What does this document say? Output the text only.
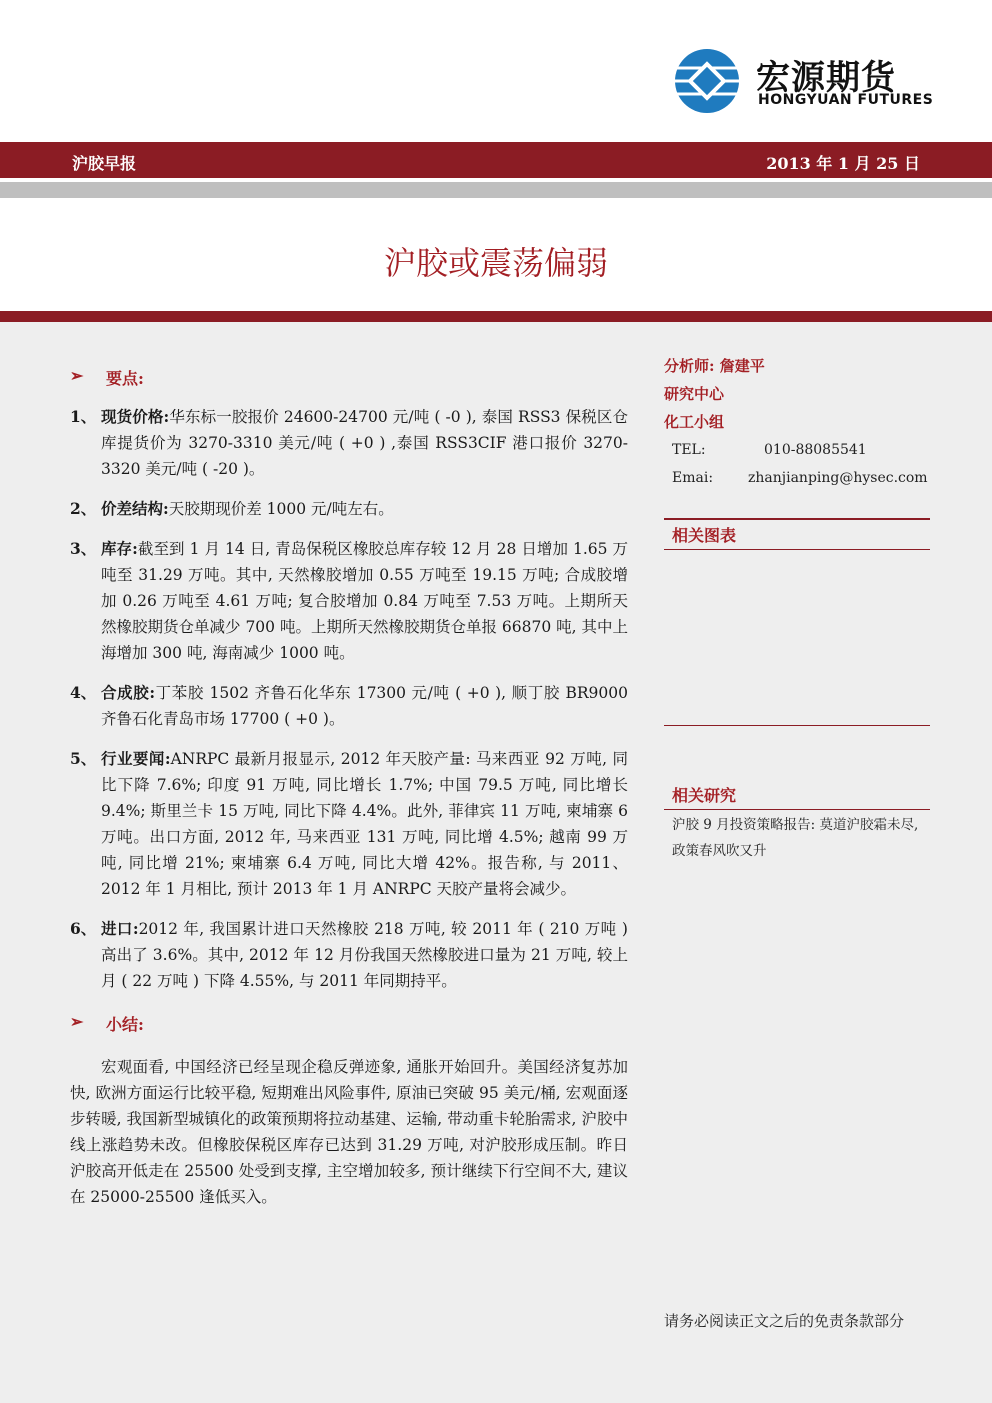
宏源期货
HONGYUAN FUTURES
沪胶早报	2013 年 1 月 25 日
沪胶或震荡偏弱
➢ 要点:
1、 现货价格:华东标一胶报价 24600-24700 元/吨 ( -0 ), 泰国 RSS3 保税区仓库提货价为 3270-3310 美元/吨 ( +0 ) ,泰国 RSS3CIF 港口报价 3270-3320 美元/吨 ( -20 )。
2、 价差结构:天胶期现价差 1000 元/吨左右。
3、 库存:截至到 1 月 14 日, 青岛保税区橡胶总库存较 12 月 28 日增加 1.65 万吨至 31.29 万吨。其中, 天然橡胶增加 0.55 万吨至 19.15 万吨; 合成胶增加 0.26 万吨至 4.61 万吨; 复合胶增加 0.84 万吨至 7.53 万吨。上期所天然橡胶期货仓单减少 700 吨。上期所天然橡胶期货仓单报 66870 吨, 其中上海增加 300 吨, 海南减少 1000 吨。
4、 合成胶:丁苯胶 1502 齐鲁石化华东 17300 元/吨 ( +0 ), 顺丁胶 BR9000 齐鲁石化青岛市场 17700 ( +0 )。
5、 行业要闻:ANRPC 最新月报显示, 2012 年天胶产量: 马来西亚 92 万吨, 同比下降 7.6%; 印度 91 万吨, 同比增长 1.7%; 中国 79.5 万吨, 同比增长 9.4%; 斯里兰卡 15 万吨, 同比下降 4.4%。此外, 菲律宾 11 万吨, 柬埔寨 6 万吨。出口方面, 2012 年, 马来西亚 131 万吨, 同比增 4.5%; 越南 99 万吨, 同比增 21%; 柬埔寨 6.4 万吨, 同比大增 42%。报告称, 与 2011、2012 年 1 月相比, 预计 2013 年 1 月 ANRPC 天胶产量将会减少。
6、 进口:2012 年, 我国累计进口天然橡胶 218 万吨, 较 2011 年 ( 210 万吨 ) 高出了 3.6%。其中, 2012 年 12 月份我国天然橡胶进口量为 21 万吨, 较上月 ( 22 万吨 ) 下降 4.55%, 与 2011 年同期持平。
➢ 小结:
宏观面看, 中国经济已经呈现企稳反弹迹象, 通胀开始回升。美国经济复苏加快, 欧洲方面运行比较平稳, 短期难出风险事件, 原油已突破 95 美元/桶, 宏观面逐步转暖, 我国新型城镇化的政策预期将拉动基建、运输, 带动重卡轮胎需求, 沪胶中线上涨趋势未改。但橡胶保税区库存已达到 31.29 万吨, 对沪胶形成压制。昨日沪胶高开低走在 25500 处受到支撑, 主空增加较多, 预计继续下行空间不大, 建议在 25000-25500 逢低买入。
分析师: 詹建平
研究中心
化工小组
TEL:	010-88085541
Emai: zhanjianping@hysec.com
相关图表
相关研究
沪胶 9 月投资策略报告: 莫道沪胶霜未尽, 政策春风吹又升
请务必阅读正文之后的免责条款部分
